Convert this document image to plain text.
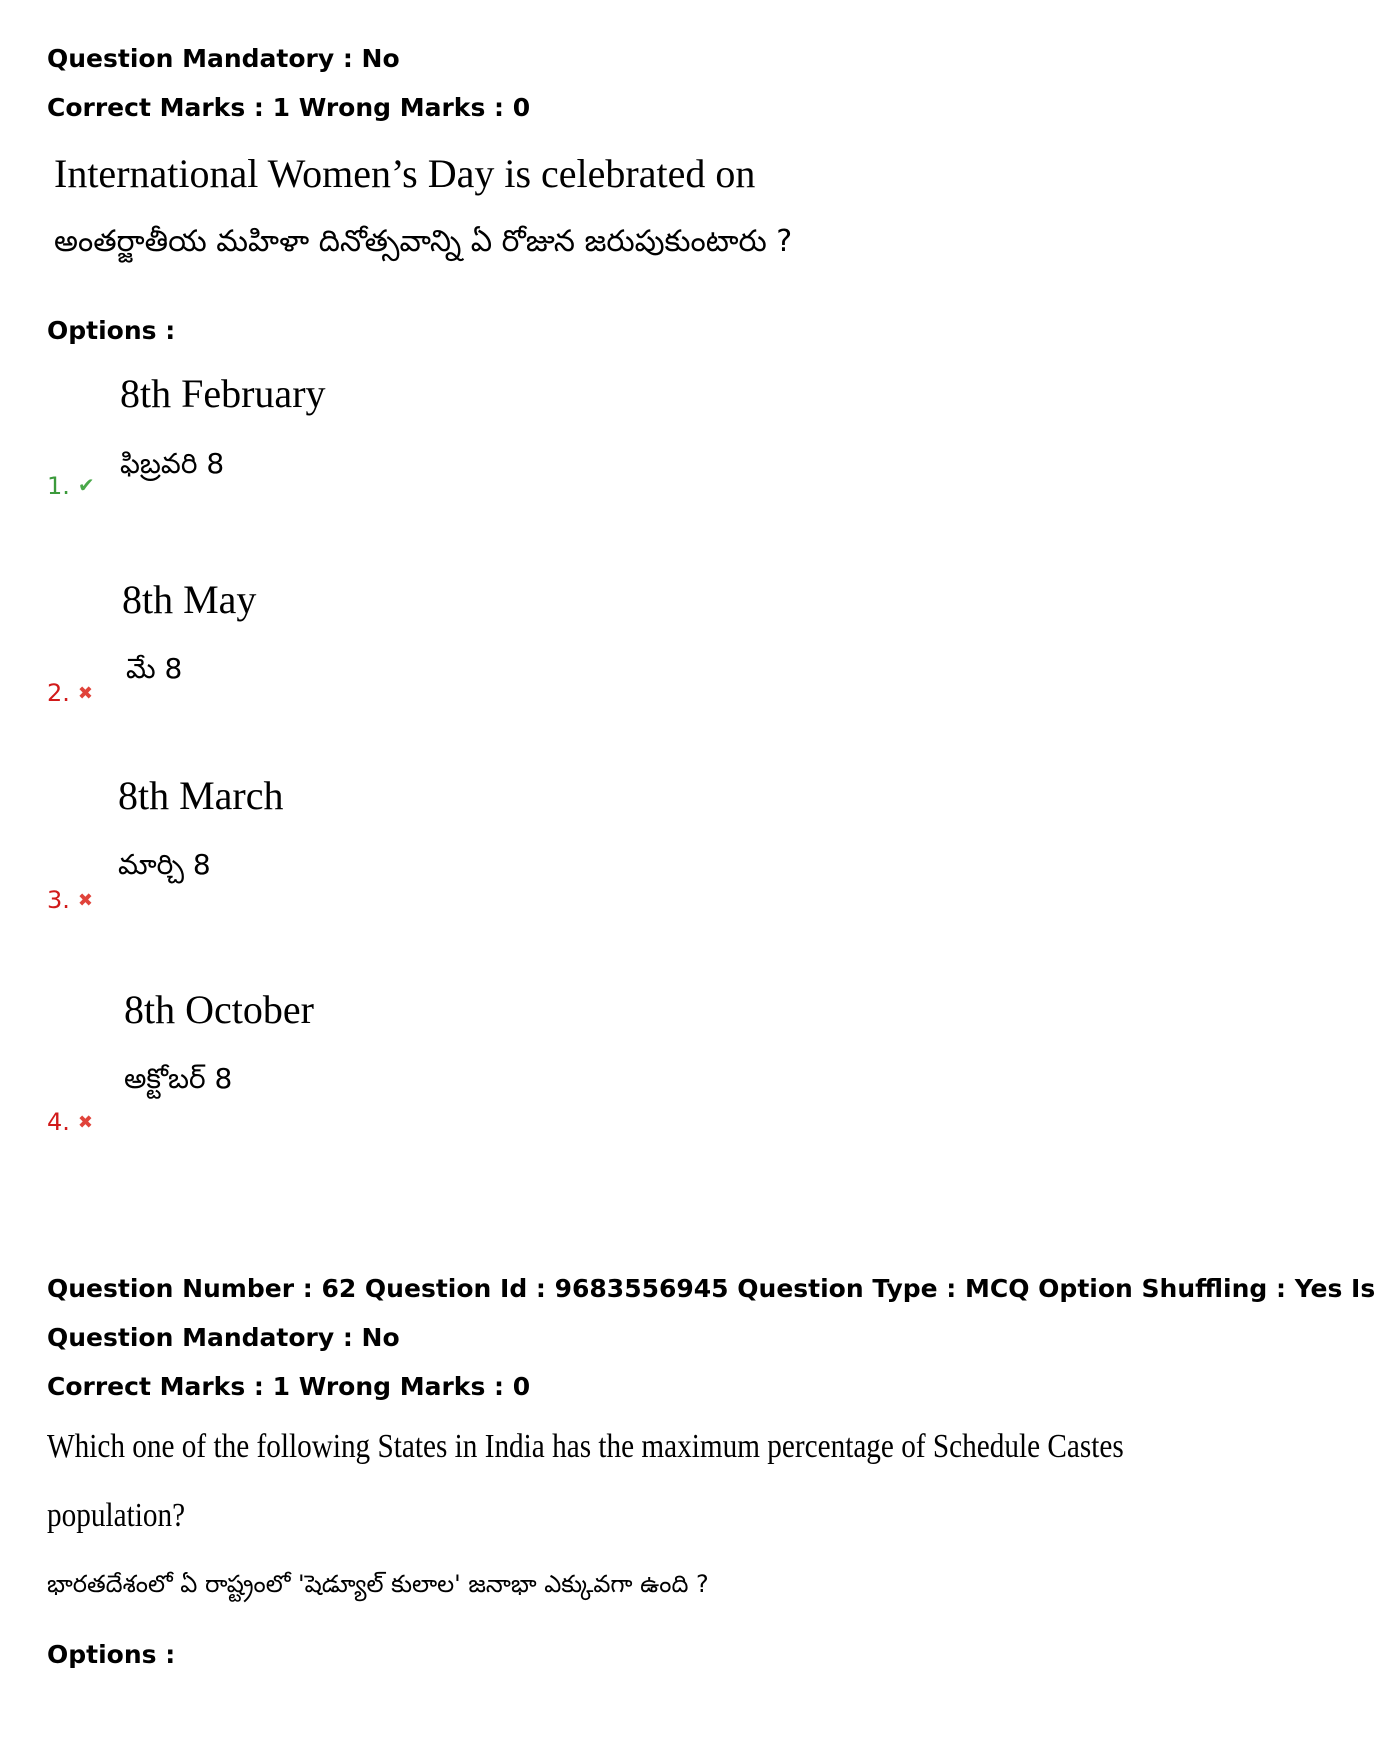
Question Mandatory : No
Correct Marks : 1 Wrong Marks : 0
International Women’s Day is celebrated on
అంతర్జాతీయ మహిళా దినోత్సవాన్ని ఏ రోజున జరుపుకుంటారు ?
Options :
8th February
ఫిబ్రవరి 8
1. ✔
8th May
మే 8
2. ✖
8th March
మార్చి 8
3. ✖
8th October
అక్టోబర్ 8
4. ✖
Question Number : 62 Question Id : 9683556945 Question Type : MCQ Option Shuffling : Yes Is
Question Mandatory : No
Correct Marks : 1 Wrong Marks : 0
Which one of the following States in India has the maximum percentage of Schedule Castes
population?
భారతదేశంలో ఏ రాష్ట్రంలో 'షెడ్యూల్ కులాల' జనాభా ఎక్కువగా ఉంది ?
Options :
